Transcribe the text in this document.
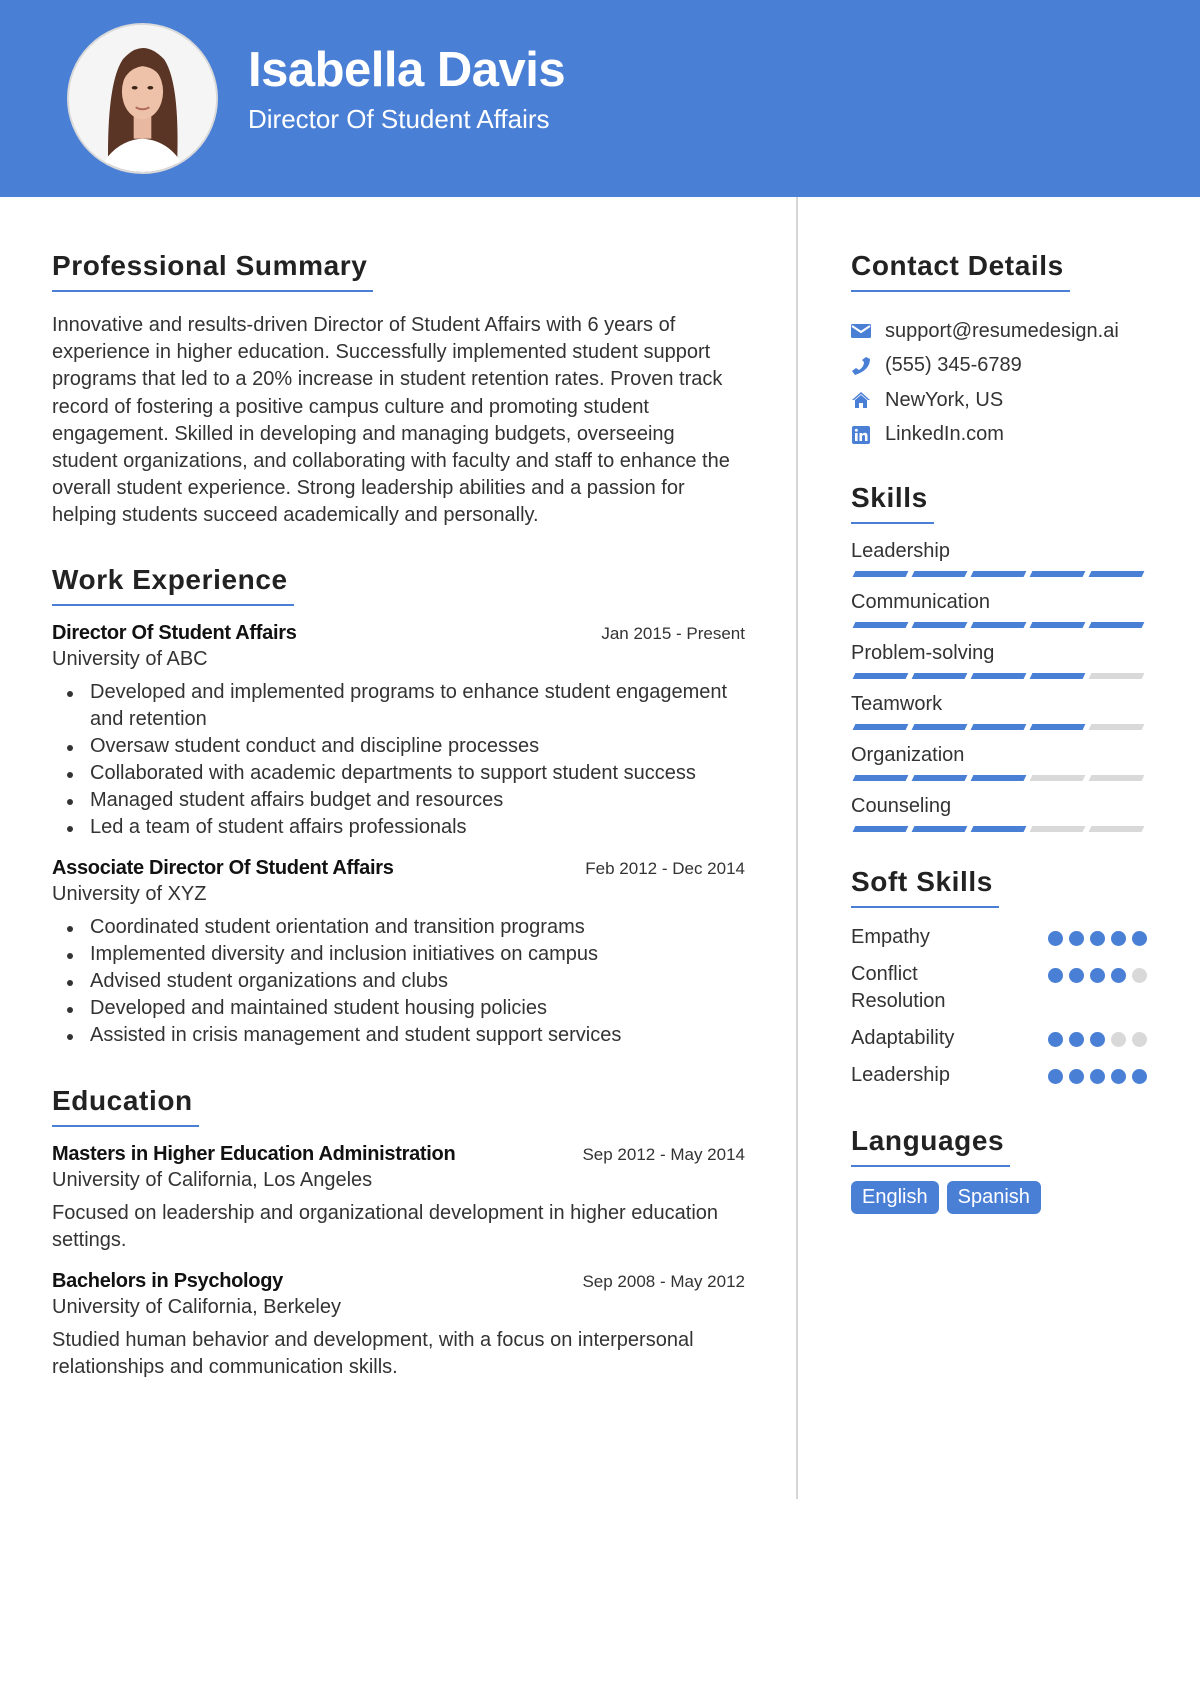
Isabella Davis
Director Of Student Affairs
Professional Summary

Innovative and results-driven Director of Student Affairs with 6 years of experience in higher education. Successfully implemented student support programs that led to a 20% increase in student retention rates. Proven track record of fostering a positive campus culture and promoting student engagement. Skilled in developing and managing budgets, overseeing student organizations, and collaborating with faculty and staff to enhance the overall student experience. Strong leadership abilities and a passion for helping students succeed academically and personally.

Work Experience
Director Of Student Affairs	Jan 2015 - Present
University of ABC
Developed and implemented programs to enhance student engagement and retention
Oversaw student conduct and discipline processes
Collaborated with academic departments to support student success
Managed student affairs budget and resources
Led a team of student affairs professionals
Associate Director Of Student Affairs	Feb 2012 - Dec 2014
University of XYZ
Coordinated student orientation and transition programs
Implemented diversity and inclusion initiatives on campus
Advised student organizations and clubs
Developed and maintained student housing policies
Assisted in crisis management and student support services
Education
Masters in Higher Education Administration	Sep 2012 - May 2014
University of California, Los Angeles

Focused on leadership and organizational development in higher education settings.

Bachelors in Psychology	Sep 2008 - May 2012
University of California, Berkeley

Studied human behavior and development, with a focus on interpersonal relationships and communication skills.

Contact Details
support@resumedesign.ai
(555) 345-6789
NewYork, US
LinkedIn.com
Skills
Leadership
Communication
Problem-solving
Teamwork
Organization
Counseling
Soft Skills
Empathy
Conflict Resolution
Adaptability
Leadership
Languages
English	Spanish
